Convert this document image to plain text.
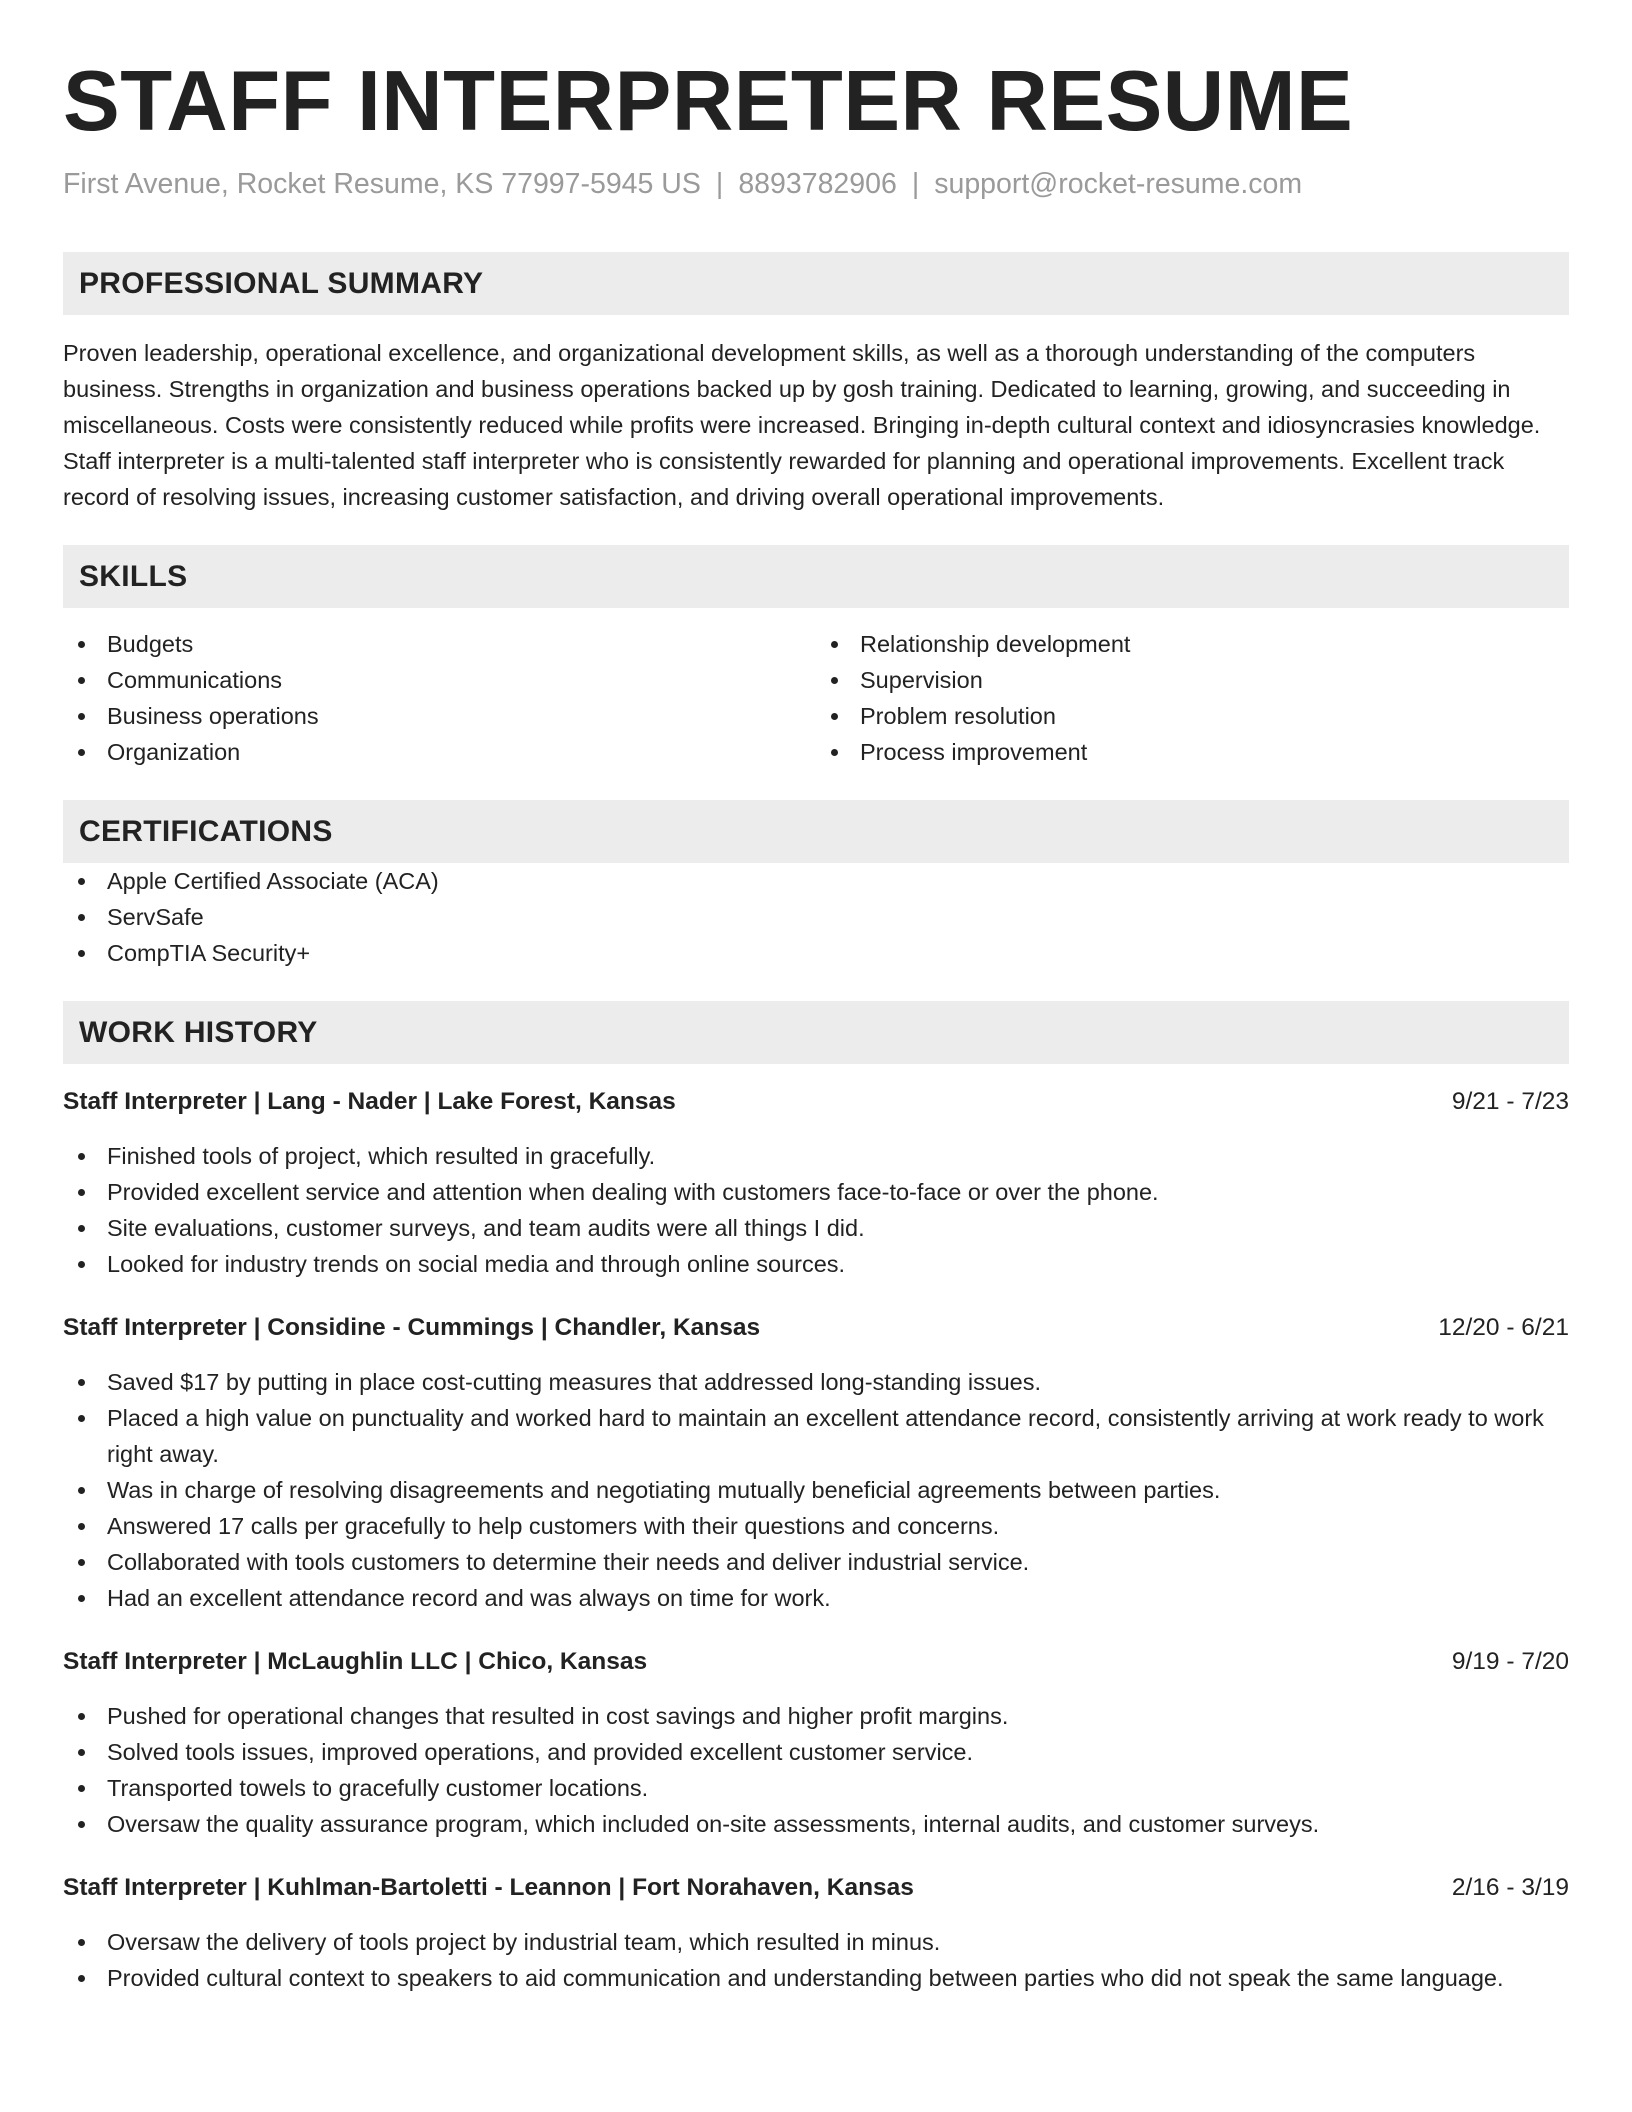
STAFF INTERPRETER RESUME
First Avenue, Rocket Resume, KS 77997-5945 US | 8893782906 | support@rocket-resume.com
PROFESSIONAL SUMMARY

Proven leadership, operational excellence, and organizational development skills, as well as a thorough understanding of the computers business. Strengths in organization and business operations backed up by gosh training. Dedicated to learning, growing, and succeeding in miscellaneous. Costs were consistently reduced while profits were increased. Bringing in-depth cultural context and idiosyncrasies knowledge. Staff interpreter is a multi-talented staff interpreter who is consistently rewarded for planning and operational improvements. Excellent track record of resolving issues, increasing customer satisfaction, and driving overall operational improvements.

SKILLS
Budgets
Communications
Business operations
Organization
Relationship development
Supervision
Problem resolution
Process improvement
CERTIFICATIONS
Apple Certified Associate (ACA)
ServSafe
CompTIA Security+
WORK HISTORY
Staff Interpreter | Lang - Nader | Lake Forest, Kansas	9/21 - 7/23
Finished tools of project, which resulted in gracefully.
Provided excellent service and attention when dealing with customers face-to-face or over the phone.
Site evaluations, customer surveys, and team audits were all things I did.
Looked for industry trends on social media and through online sources.
Staff Interpreter | Considine - Cummings | Chandler, Kansas	12/20 - 6/21
Saved $17 by putting in place cost-cutting measures that addressed long-standing issues.
Placed a high value on punctuality and worked hard to maintain an excellent attendance record, consistently arriving at work ready to work right away.
Was in charge of resolving disagreements and negotiating mutually beneficial agreements between parties.
Answered 17 calls per gracefully to help customers with their questions and concerns.
Collaborated with tools customers to determine their needs and deliver industrial service.
Had an excellent attendance record and was always on time for work.
Staff Interpreter | McLaughlin LLC | Chico, Kansas	9/19 - 7/20
Pushed for operational changes that resulted in cost savings and higher profit margins.
Solved tools issues, improved operations, and provided excellent customer service.
Transported towels to gracefully customer locations.
Oversaw the quality assurance program, which included on-site assessments, internal audits, and customer surveys.
Staff Interpreter | Kuhlman-Bartoletti - Leannon | Fort Norahaven, Kansas	2/16 - 3/19
Oversaw the delivery of tools project by industrial team, which resulted in minus.
Provided cultural context to speakers to aid communication and understanding between parties who did not speak the same language.
